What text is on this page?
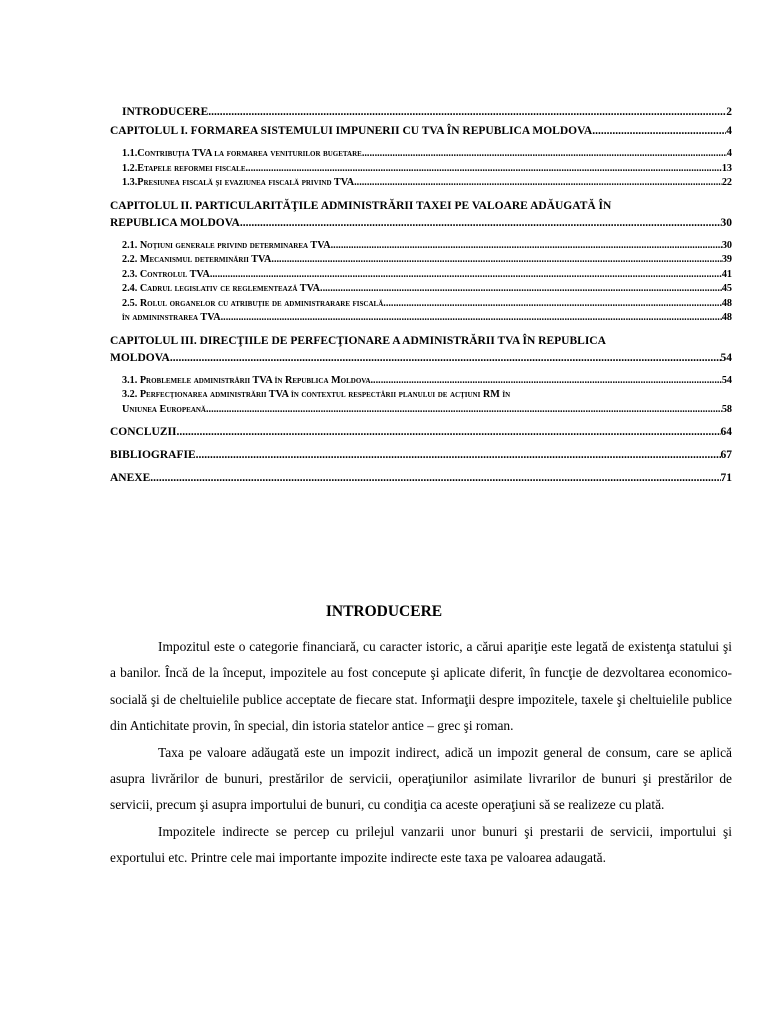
INTRODUCERE .....	2
CAPITOLUL I. FORMAREA SISTEMULUI IMPUNERII CU TVA ÎN REPUBLICA MOLDOVA .....	4
1.1.Contribuţia TVA la formarea veniturilor bugetare .....	4
1.2.Etapele reformei fiscale .....	13
1.3.Presiunea fiscală şi evaziunea fiscală privind TVA .....	22
CAPITOLUL II. PARTICULARITĂŢILE ADMINISTRĂRII TAXEI PE VALOARE ADĂUGATĂ ÎN
REPUBLICA MOLDOVA .....	30
2.1. Noţiuni generale privind determinarea TVA .....	30
2.2. Mecanismul determinării TVA .....	39
2.3. Controlul TVA .....	41
2.4. Cadrul legislativ ce reglementează TVA .....	45
2.5. Rolul organelor cu atribuţie de administrarare fiscală .....	48
în admininstrarea TVA .....	48
CAPITOLUL III. DIRECŢIILE DE PERFECŢIONARE A ADMINISTRĂRII TVA ÎN REPUBLICA
MOLDOVA .....	54
3.1. Problemele administrării TVA în Republica Moldova .....	54
3.2. Perfecţionarea administrării TVA în contextul respectării planului de acţiuni RM în
Uniunea Europeană .....	58
CONCLUZII .....	64
BIBLIOGRAFIE .....	67
ANEXE .....	71
INTRODUCERE

Impozitul este o categorie financiară, cu caracter istoric, a cărui apariţie este legată de existenţa statului şi a banilor. Încă de la început, impozitele au fost concepute şi aplicate diferit, în funcţie de dezvoltarea economico-socială şi de cheltuielile publice acceptate de fiecare stat. Informaţii despre impozitele, taxele şi cheltuielile publice din Antichitate provin, în special, din istoria statelor antice – grec şi roman.

Taxa pe valoare adăugată este un impozit indirect, adică un impozit general de consum, care se aplică asupra livrărilor de bunuri, prestărilor de servicii, operaţiunilor asimilate livrarilor de bunuri şi prestărilor de servicii, precum şi asupra importului de bunuri, cu condiţia ca aceste operaţiuni să se realizeze cu plată.

Impozitele indirecte se percep cu prilejul vanzarii unor bunuri şi prestarii de servicii, importului şi exportului etc. Printre cele mai importante impozite indirecte este taxa pe valoarea adaugată.
